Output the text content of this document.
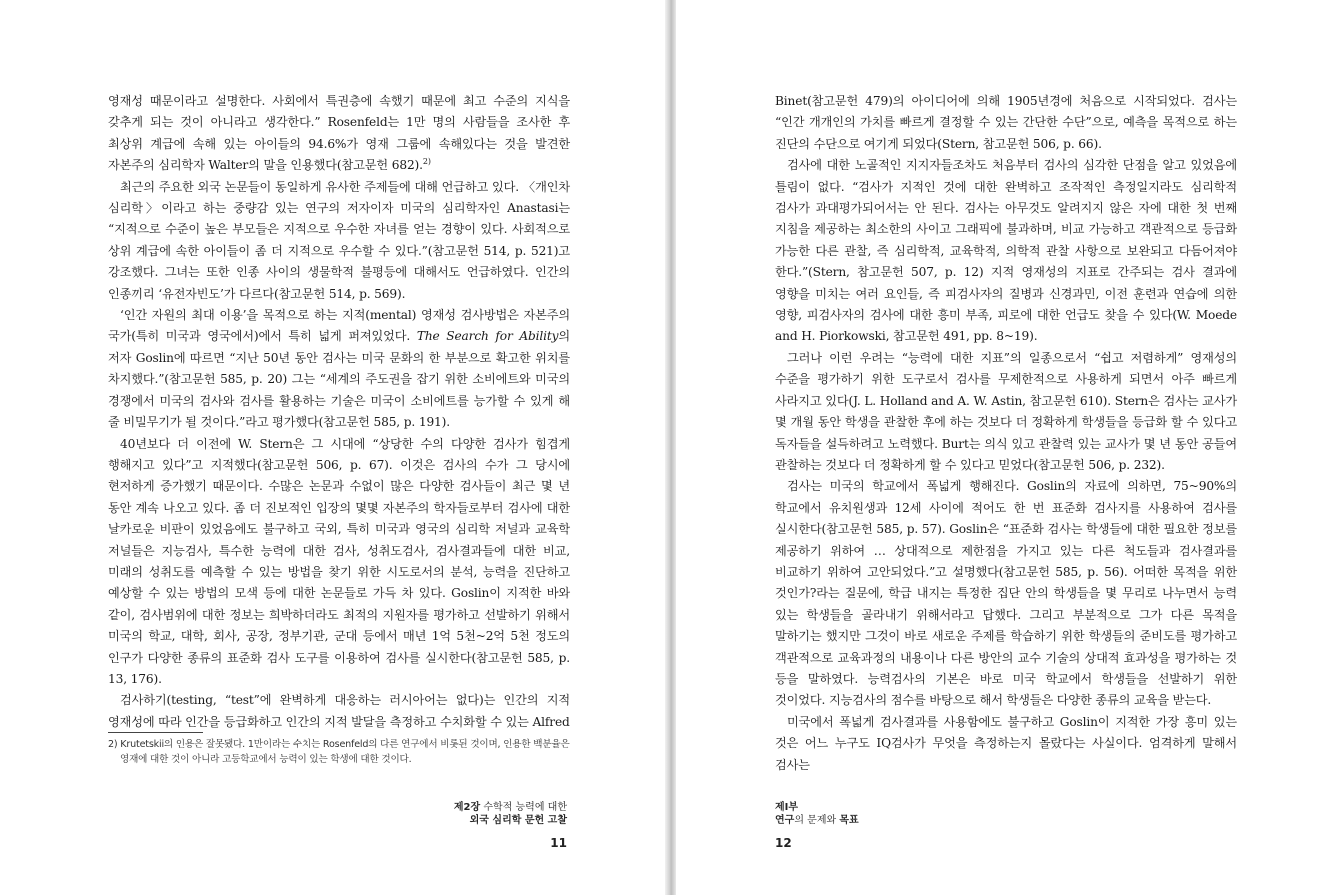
영재성 때문이라고 설명한다. 사회에서 특권층에 속했기 때문에 최고 수준의 지식을 갖추게 되는 것이 아니라고 생각한다.” Rosenfeld는 1만 명의 사람들을 조사한 후 최상위 계급에 속해 있는 아이들의 94.6%가 영재 그룹에 속해있다는 것을 발견한 자본주의 심리학자 Walter의 말을 인용했다(참고문헌 682).$^{2)}$

최근의 주요한 외국 논문들이 동일하게 유사한 주제들에 대해 언급하고 있다. 〈개인차 심리학〉이라고 하는 중량감 있는 연구의 저자이자 미국의 심리학자인 Anastasi는 “지적으로 수준이 높은 부모들은 지적으로 우수한 자녀를 얻는 경향이 있다. 사회적으로 상위 계급에 속한 아이들이 좀 더 지적으로 우수할 수 있다.”(참고문헌 514, p. 521)고 강조했다. 그녀는 또한 인종 사이의 생물학적 불평등에 대해서도 언급하였다. 인간의 인종끼리 ‘유전자빈도’가 다르다(참고문헌 514, p. 569).

‘인간 자원의 최대 이용’을 목적으로 하는 지적(mental) 영재성 검사방법은 자본주의 국가(특히 미국과 영국에서)에서 특히 넓게 퍼져있었다. The Search for Ability의 저자 Goslin에 따르면 “지난 50년 동안 검사는 미국 문화의 한 부분으로 확고한 위치를 차지했다.”(참고문헌 585, p. 20) 그는 “세계의 주도권을 잡기 위한 소비에트와 미국의 경쟁에서 미국의 검사와 검사를 활용하는 기술은 미국이 소비에트를 능가할 수 있게 해 줄 비밀무기가 될 것이다.”라고 평가했다(참고문헌 585, p. 191).

40년보다 더 이전에 W. Stern은 그 시대에 “상당한 수의 다양한 검사가 힘겹게 행해지고 있다”고 지적했다(참고문헌 506, p. 67). 이것은 검사의 수가 그 당시에 현저하게 증가했기 때문이다. 수많은 논문과 수없이 많은 다양한 검사들이 최근 몇 년 동안 계속 나오고 있다. 좀 더 진보적인 입장의 몇몇 자본주의 학자들로부터 검사에 대한 날카로운 비판이 있었음에도 불구하고 국외, 특히 미국과 영국의 심리학 저널과 교육학 저널들은 지능검사, 특수한 능력에 대한 검사, 성취도검사, 검사결과들에 대한 비교, 미래의 성취도를 예측할 수 있는 방법을 찾기 위한 시도로서의 분석, 능력을 진단하고 예상할 수 있는 방법의 모색 등에 대한 논문들로 가득 차 있다. Goslin이 지적한 바와 같이, 검사범위에 대한 정보는 희박하더라도 최적의 지원자를 평가하고 선발하기 위해서 미국의 학교, 대학, 회사, 공장, 정부기관, 군대 등에서 매년 1억 5천~2억 5천 정도의 인구가 다양한 종류의 표준화 검사 도구를 이용하여 검사를 실시한다(참고문헌 585, p. 13, 176).

검사하기(testing, “test”에 완벽하게 대응하는 러시아어는 없다)는 인간의 지적 영재성에 따라 인간을 등급화하고 인간의 지적 발달을 측정하고 수치화할 수 있는 Alfred

2) Krutetskii의 인용은 잘못됐다. 1만이라는 수치는 Rosenfeld의 다른 연구에서 비롯된 것이며, 인용한 백분율은 영재에 대한 것이 아니라 고등학교에서 능력이 있는 학생에 대한 것이다.
제2장 수학적 능력에 대한
외국 심리학 문헌 고찰
11

Binet(참고문헌 479)의 아이디어에 의해 1905년경에 처음으로 시작되었다. 검사는 “인간 개개인의 가치를 빠르게 결정할 수 있는 간단한 수단”으로, 예측을 목적으로 하는 진단의 수단으로 여기게 되었다(Stern, 참고문헌 506, p. 66).

검사에 대한 노골적인 지지자들조차도 처음부터 검사의 심각한 단점을 알고 있었음에 틀림이 없다. “검사가 지적인 것에 대한 완벽하고 조작적인 측정일지라도 심리학적 검사가 과대평가되어서는 안 된다. 검사는 아무것도 알려지지 않은 자에 대한 첫 번째 지침을 제공하는 최소한의 사이고 그래픽에 불과하며, 비교 가능하고 객관적으로 등급화 가능한 다른 관찰, 즉 심리학적, 교육학적, 의학적 관찰 사항으로 보완되고 다듬어져야 한다.”(Stern, 참고문헌 507, p. 12) 지적 영재성의 지표로 간주되는 검사 결과에 영향을 미치는 여러 요인들, 즉 피검사자의 질병과 신경과민, 이전 훈련과 연습에 의한 영향, 피검사자의 검사에 대한 흥미 부족, 피로에 대한 언급도 찾을 수 있다(W. Moede and H. Piorkowski, 참고문헌 491, pp. 8~19).

그러나 이런 우려는 “능력에 대한 지표”의 일종으로서 “쉽고 저렴하게” 영재성의 수준을 평가하기 위한 도구로서 검사를 무제한적으로 사용하게 되면서 아주 빠르게 사라지고 있다(J. L. Holland and A. W. Astin, 참고문헌 610). Stern은 검사는 교사가 몇 개월 동안 학생을 관찰한 후에 하는 것보다 더 정확하게 학생들을 등급화 할 수 있다고 독자들을 설득하려고 노력했다. Burt는 의식 있고 관찰력 있는 교사가 몇 년 동안 공들여 관찰하는 것보다 더 정확하게 할 수 있다고 믿었다(참고문헌 506, p. 232).

검사는 미국의 학교에서 폭넓게 행해진다. Goslin의 자료에 의하면, 75~90%의 학교에서 유치원생과 12세 사이에 적어도 한 번 표준화 검사지를 사용하여 검사를 실시한다(참고문헌 585, p. 57). Goslin은 “표준화 검사는 학생들에 대한 필요한 정보를 제공하기 위하여 … 상대적으로 제한점을 가지고 있는 다른 척도들과 검사결과를 비교하기 위하여 고안되었다.”고 설명했다(참고문헌 585, p. 56). 어떠한 목적을 위한 것인가?라는 질문에, 학급 내지는 특정한 집단 안의 학생들을 몇 무리로 나누면서 능력 있는 학생들을 골라내기 위해서라고 답했다. 그리고 부분적으로 그가 다른 목적을 말하기는 했지만 그것이 바로 새로운 주제를 학습하기 위한 학생들의 준비도를 평가하고 객관적으로 교육과정의 내용이나 다른 방안의 교수 기술의 상대적 효과성을 평가하는 것 등을 말하였다. 능력검사의 기본은 바로 미국 학교에서 학생들을 선발하기 위한 것이었다. 지능검사의 점수를 바탕으로 해서 학생들은 다양한 종류의 교육을 받는다.

미국에서 폭넓게 검사결과를 사용함에도 불구하고 Goslin이 지적한 가장 흥미 있는 것은 어느 누구도 IQ검사가 무엇을 측정하는지 몰랐다는 사실이다. 엄격하게 말해서 검사는

제I부
연구의 문제와 목표
12
